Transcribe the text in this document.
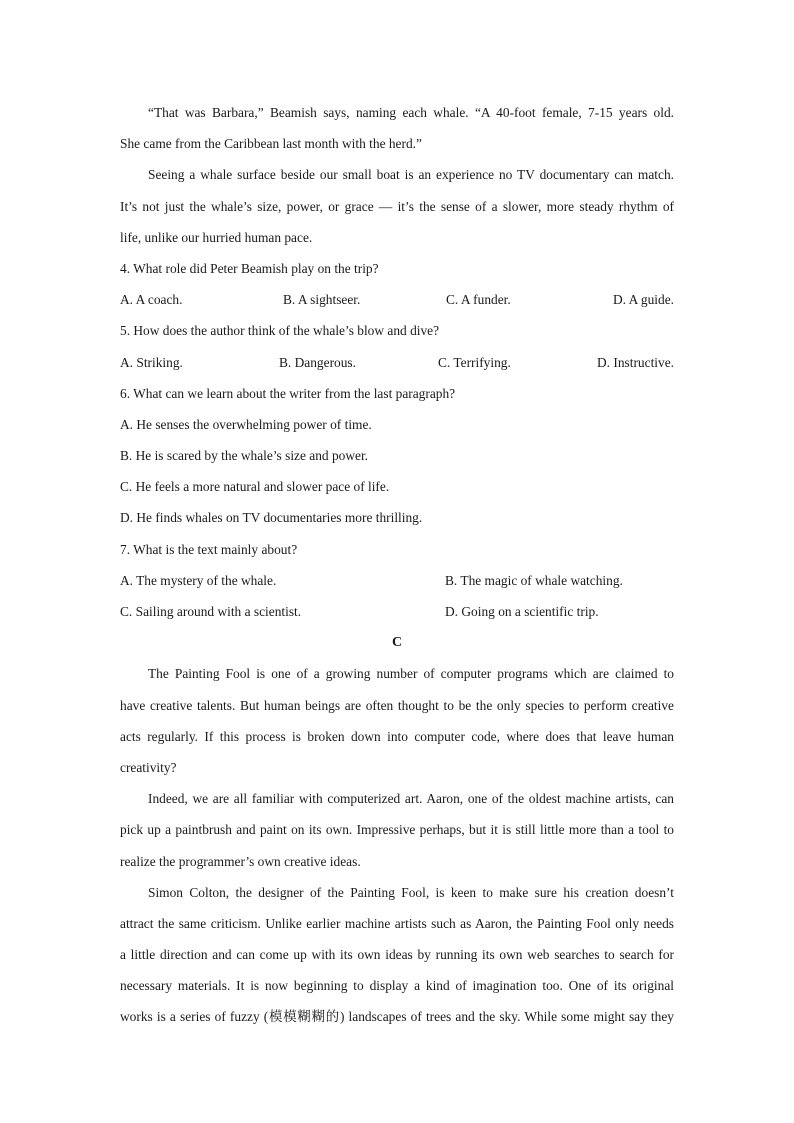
“That was Barbara,” Beamish says, naming each whale. “A 40-foot female, 7-15 years old.
She came from the Caribbean last month with the herd.”
Seeing a whale surface beside our small boat is an experience no TV documentary can match.
It’s not just the whale’s size, power, or grace — it’s the sense of a slower, more steady rhythm of
life, unlike our hurried human pace.
4. What role did Peter Beamish play on the trip?
A. A coach.	B. A sightseer.	C. A funder.	D. A guide.
5. How does the author think of the whale’s blow and dive?
A. Striking.	B. Dangerous.	C. Terrifying.	D. Instructive.
6. What can we learn about the writer from the last paragraph?
A. He senses the overwhelming power of time.
B. He is scared by the whale’s size and power.
C. He feels a more natural and slower pace of life.
D. He finds whales on TV documentaries more thrilling.
7. What is the text mainly about?
A. The mystery of the whale.	B. The magic of whale watching.
C. Sailing around with a scientist.	D. Going on a scientific trip.
C
The Painting Fool is one of a growing number of computer programs which are claimed to
have creative talents. But human beings are often thought to be the only species to perform creative
acts regularly. If this process is broken down into computer code, where does that leave human
creativity?
Indeed, we are all familiar with computerized art. Aaron, one of the oldest machine artists, can
pick up a paintbrush and paint on its own. Impressive perhaps, but it is still little more than a tool to
realize the programmer’s own creative ideas.
Simon Colton, the designer of the Painting Fool, is keen to make sure his creation doesn’t
attract the same criticism. Unlike earlier machine artists such as Aaron, the Painting Fool only needs
a little direction and can come up with its own ideas by running its own web searches to search for
necessary materials. It is now beginning to display a kind of imagination too. One of its original
works is a series of fuzzy (模模糊糊的) landscapes of trees and the sky. While some might say they
